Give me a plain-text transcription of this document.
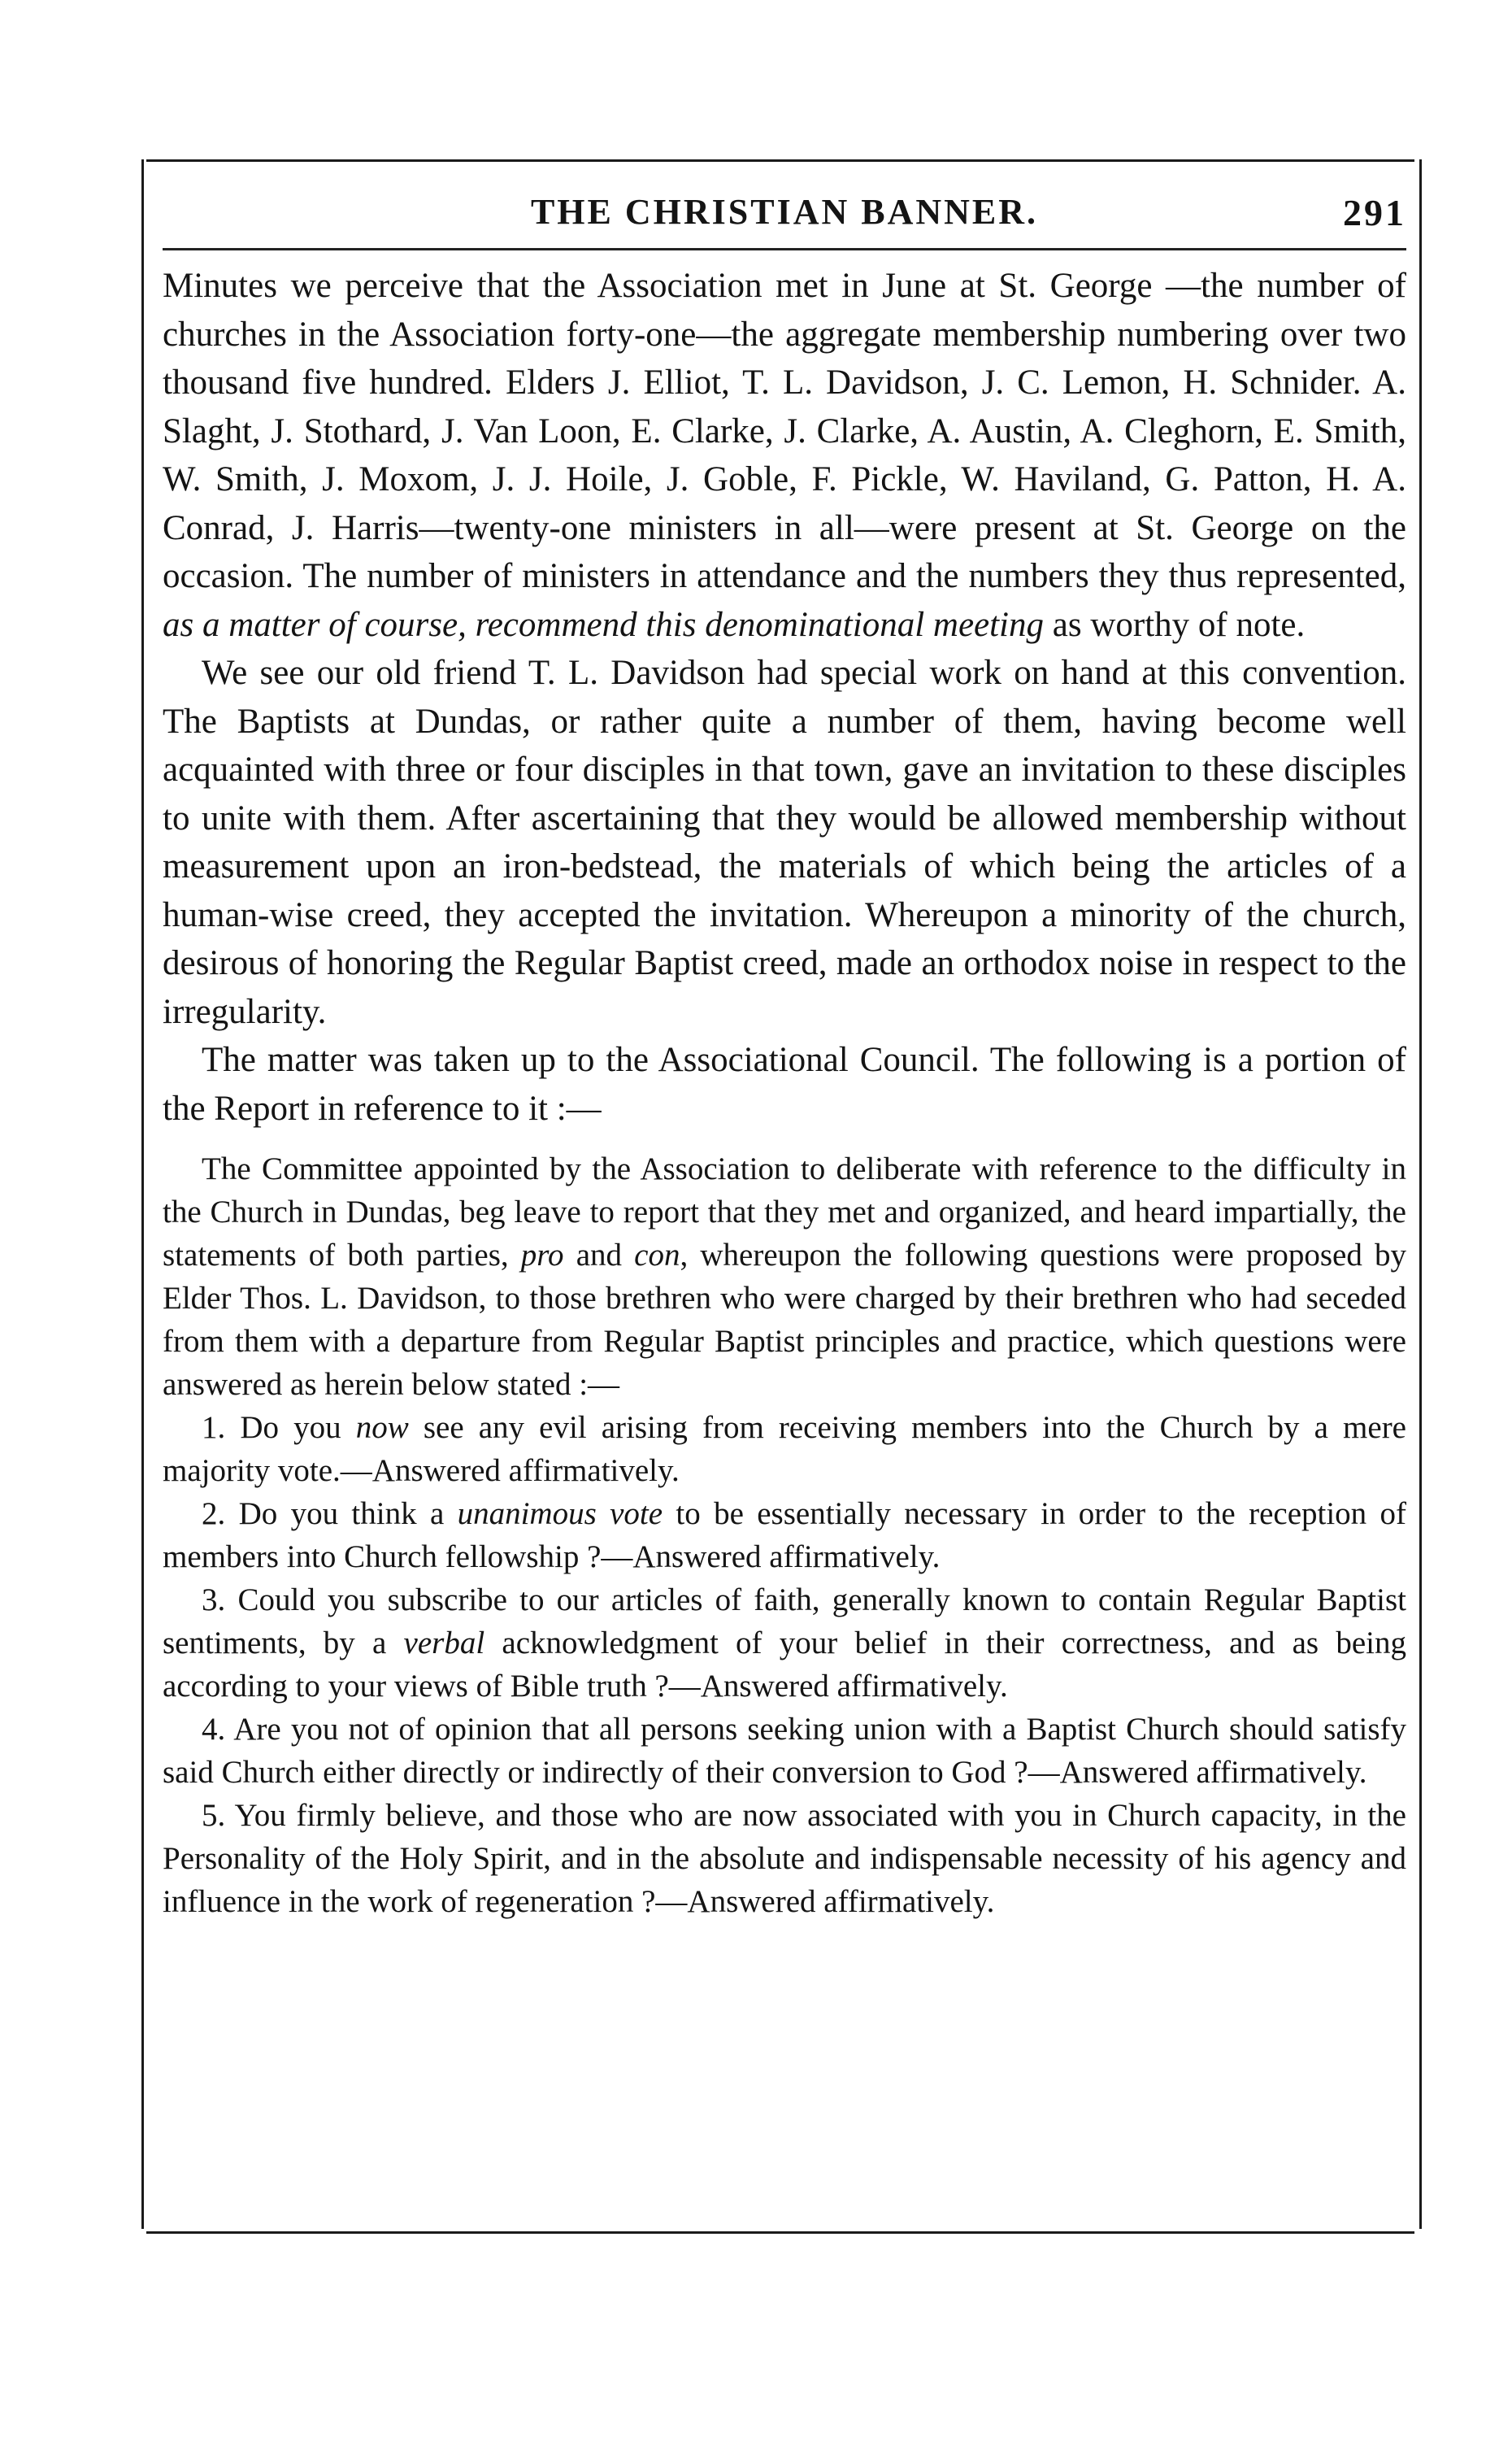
THE CHRISTIAN BANNER.	291

Minutes we perceive that the Association met in June at St. George —the number of churches in the Association forty-one—the aggregate membership numbering over two thousand five hundred. Elders J. Elliot, T. L. Davidson, J. C. Lemon, H. Schnider. A. Slaght, J. Stothard, J. Van Loon, E. Clarke, J. Clarke, A. Austin, A. Cleghorn, E. Smith, W. Smith, J. Moxom, J. J. Hoile, J. Goble, F. Pickle, W. Haviland, G. Patton, H. A. Conrad, J. Harris—twenty-one ministers in all—were present at St. George on the occasion. The number of ministers in attendance and the numbers they thus represented, as a matter of course, recommend this denominational meeting as worthy of note.

We see our old friend T. L. Davidson had special work on hand at this convention. The Baptists at Dundas, or rather quite a number of them, having become well acquainted with three or four disciples in that town, gave an invitation to these disciples to unite with them. After ascertaining that they would be allowed membership without measurement upon an iron-bedstead, the materials of which being the articles of a human-wise creed, they accepted the invitation. Whereupon a minority of the church, desirous of honoring the Regular Baptist creed, made an orthodox noise in respect to the irregularity.

The matter was taken up to the Associational Council. The following is a portion of the Report in reference to it :—

The Committee appointed by the Association to deliberate with reference to the difficulty in the Church in Dundas, beg leave to report that they met and organized, and heard impartially, the statements of both parties, pro and con, whereupon the following questions were proposed by Elder Thos. L. Davidson, to those brethren who were charged by their brethren who had seceded from them with a departure from Regular Baptist principles and practice, which questions were answered as herein below stated :—

1. Do you now see any evil arising from receiving members into the Church by a mere majority vote.—Answered affirmatively.

2. Do you think a unanimous vote to be essentially necessary in order to the reception of members into Church fellowship ?—Answered affirmatively.

3. Could you subscribe to our articles of faith, generally known to contain Regular Baptist sentiments, by a verbal acknowledgment of your belief in their correctness, and as being according to your views of Bible truth ?—Answered affirmatively.

4. Are you not of opinion that all persons seeking union with a Baptist Church should satisfy said Church either directly or indirectly of their conversion to God ?—Answered affirmatively.

5. You firmly believe, and those who are now associated with you in Church capacity, in the Personality of the Holy Spirit, and in the absolute and indispensable necessity of his agency and influence in the work of regeneration ?—Answered affirmatively.
